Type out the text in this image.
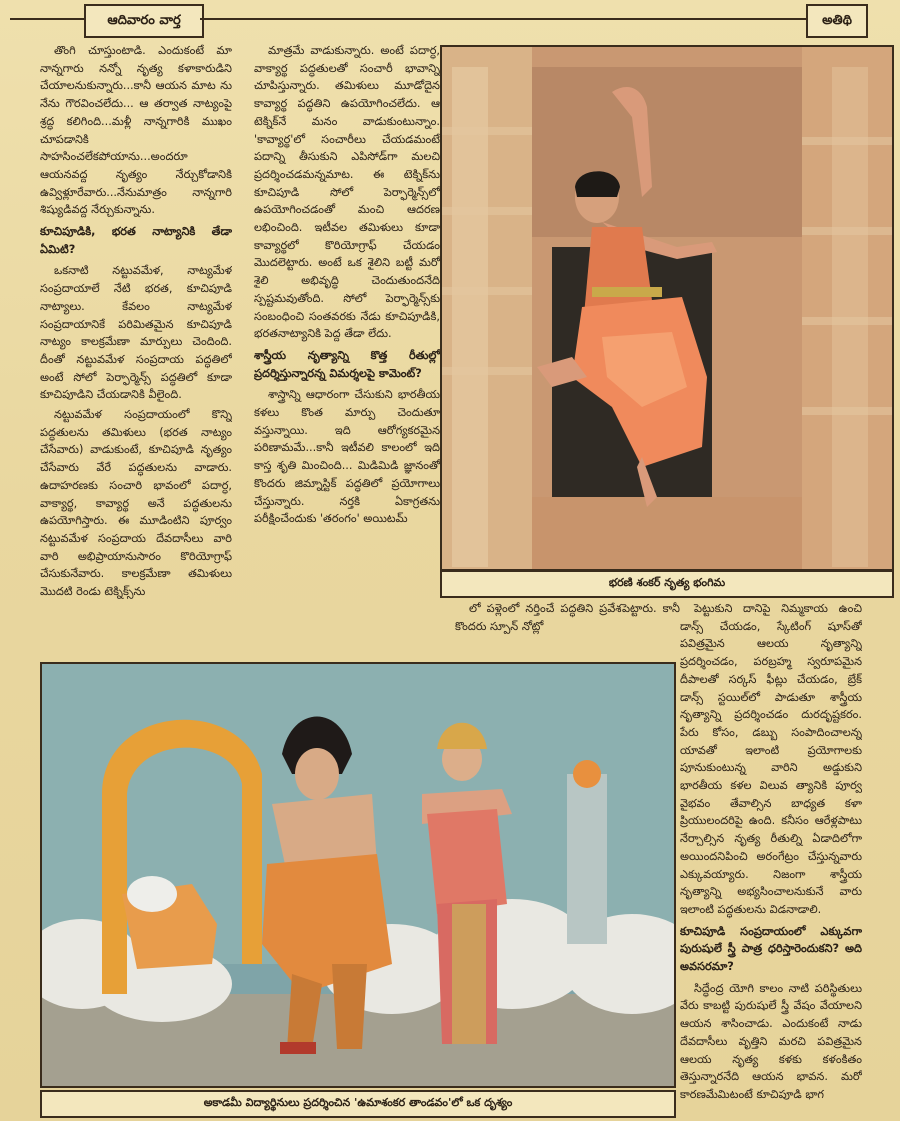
ఆదివారం వార్త	అతిథి

తొంగి చూస్తుంటాడి. ఎందుకంటే మా నాన్నగారు నన్నో నృత్య కళాకారుడిని చేయాలనుకున్నారు...కానీ ఆయన మాట ను నేను గౌరవించలేదు... ఆ తర్వాత నాట్యంపై శ్రద్ధ కలిగింది...మళ్లీ నాన్నగారికి ముఖం చూపడానికి సాహసించలేకపోయాను...అందరూ ఆయనవద్ద నృత్యం నేర్చుకోడానికి ఉవ్విళ్లూరేవారు...నేనుమాత్రం నాన్నగారి శిష్యుడివద్ద నేర్చుకున్నాను.

కూచిపూడికి, భరత నాట్యానికి తేడా ఏమిటి?

ఒకనాటి నట్టువమేళ, నాట్యమేళ సంప్రదాయాలే నేటి భరత, కూచిపూడి నాట్యాలు. కేవలం నాట్యమేళ సంప్రదాయానికే పరిమితమైన కూచిపూడి నాట్యం కాలక్రమేణా మార్పులు చెందింది. దీంతో నట్టువమేళ సంప్రదాయ పద్ధతిలో అంటే సోలో పెర్ఫార్మెన్స్ పద్ధతిలో కూడా కూచిపూడిని చేయడానికి వీలైంది.

నట్టువమేళ సంప్రదాయంలో కొన్ని పద్ధతులను తమిళులు (భరత నాట్యం చేసేవారు) వాడుకుంటే, కూచిపూడి నృత్యం చేసేవారు వేరే పద్ధతులను వాడారు. ఉదాహరణకు సంచారి భావంలో పదార్ధ, వాక్యార్థ, కావ్యార్థ అనే పద్ధతులను ఉపయోగిస్తారు. ఈ మూడింటిని పూర్వం నట్టువమేళ సంప్రదాయ దేవదాసీలు వారి వారి అభిప్రాయానుసారం కొరియోగ్రాఫ్ చేసుకునేవారు. కాలక్రమేణా తమిళులు మొదటి రెండు టెక్నిక్స్‌ను

మాత్రమే వాడుకున్నారు. అంటే పదార్ధ, వాక్యార్థ పద్ధతులతో సంచారీ భావాన్ని చూపిస్తున్నారు. తమిళులు మూడోదైన కావ్యార్థ పద్ధతిని ఉపయోగించలేదు. ఆ టెక్నిక్‌నే మనం వాడుకుంటున్నాం. 'కావ్యార్థ'లో సంచారీలు చేయడమంటే పదాన్ని తీసుకుని ఎపిసోడ్‌గా మలచి ప్రదర్శించడమన్నమాట. ఈ టెక్నిక్‌ను కూచిపూడి సోలో పెర్ఫార్మెన్స్‌లో ఉపయోగించడంతో మంచి ఆదరణ లభించింది. ఇటీవల తమిళులు కూడా కావ్యార్థలో కొరియోగ్రాఫ్ చేయడం మొదలెట్టారు. అంటే ఒక శైలిని బట్టీ మరో శైలి అభివృద్ధి చెందుతుందనేది స్పష్టమవుతోంది. సోలో పెర్ఫార్మెన్స్‌కు సంబంధించి సంతవరకు నేడు కూచిపూడికి, భరతనాట్యానికి పెద్ద తేడా లేదు.

శాస్త్రీయ నృత్యాన్ని కొత్త రీతుల్లో ప్రదర్శిస్తున్నారన్న విమర్శలపై కామెంట్?

శాస్త్రాన్ని ఆధారంగా చేసుకుని భారతీయ కళలు కొంత మార్పు చెందుతూ వస్తున్నాయి. ఇది ఆరోగ్యకరమైన పరిణామమే...కానీ ఇటీవలి కాలంలో ఇది కాస్త శృతి మించింది... మిడిమిడి జ్ఞానంతో కొందరు జిమ్నాస్టిక్ పద్ధతిలో ప్రయోగాలు చేస్తున్నారు. నర్తకి ఏకాగ్రతను పరీక్షించేందుకు 'తరంగం' అయిటమ్

భరణి శంకర్ నృత్య భంగిమ

లో పళ్లెంలో నర్తించే పద్ధతిని ప్రవేశపెట్టారు. కానీ కొందరు స్పూన్ నోట్లో

పెట్టుకుని దానిపై నిమ్మకాయ ఉంచి డాన్స్ చేయడం, స్కేటింగ్ షూస్‌తో పవిత్రమైన ఆలయ నృత్యాన్ని ప్రదర్శించడం, పరబ్రహ్మ స్వరూపమైన దీపాలతో సర్కస్ ఫీట్లు చేయడం, బ్రేక్ డాన్స్ స్టయిల్‌లో పాడుతూ శాస్త్రీయ నృత్యాన్ని ప్రదర్శించడం దురదృష్టకరం. పేరు కోసం, డబ్బు సంపాదించాలన్న యావతో ఇలాంటి ప్రయోగాలకు పూనుకుంటున్న వారిని అడ్డుకుని భారతీయ కళల విలువ త్యానికి పూర్వ వైభవం తేవాల్సిన బాధ్యత కళా ప్రియులందరిపై ఉంది. కనీసం ఆరేళ్లపాటు నేర్చాల్సిన నృత్య రీతుల్ని ఏడాదిలోగా అయిందనిపించి అరంగేట్రం చేస్తున్నవారు ఎక్కువయ్యారు. నిజంగా శాస్త్రీయ నృత్యాన్ని అభ్యసించాలనుకునే వారు ఇలాంటి పద్ధతులను విడనాడాలి.

కూచిపూడి సంప్రదాయంలో ఎక్కువగా పురుషులే స్త్రీ పాత్ర ధరిస్తారెందుకని? అది అవసరమా?

సిద్ధేంద్ర యోగి కాలం నాటి పరిస్థితులు వేరు కాబట్టి పురుషులే స్త్రీ వేషం వేయాలని ఆయన శాసించాడు. ఎందుకంటే నాడు దేవదాసీలు వృత్తిని మరచి పవిత్రమైన ఆలయ నృత్య కళకు కళంకితం తెస్తున్నారనేది ఆయన భావన. మరో కారణమేమిటంటే కూచిపూడి భాగ

అకాడమీ విద్యార్థినులు ప్రదర్శించిన 'ఉమాశంకర తాండవం'లో ఒక దృశ్యం
